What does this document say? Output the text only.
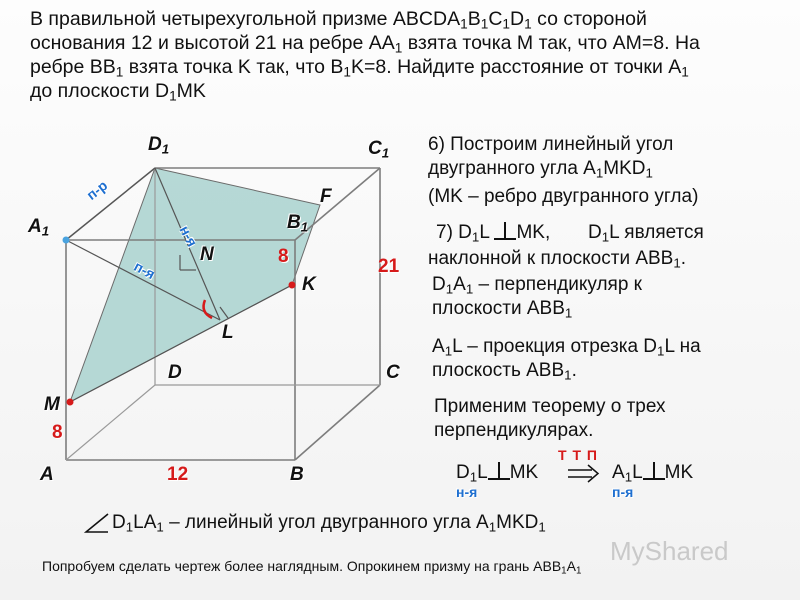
В правильной четырехугольной призме $ABCDA_1B_1C_1D_1$ со стороной
основания 12 и высотой 21 на ребре $AA_1$ взята точка M так, что AM=8. На
ребре $BB_1$ взята точка K так, что $B_1K=8$. Найдите расстояние от точки $A_1$
до плоскости $D_1MK$
$D_1$	$C_1$
$A_1$	$B_1$
F
N
K
L
D	C
M
A	B
21
8
8
12
п-р
н-я
п-я
6) Построим линейный угол
двугранного угла $A_1MKD_1$
(MK – ребро двугранного угла)
7) $D_1L$ MK, $D_1L$ является
наклонной к плоскости $ABB_1$.
$D_1A_1$ – перпендикуляр к
плоскости $ABB_1$
$A_1L$ – проекция отрезка $D_1L$ на
плоскость $ABB_1$.
Применим теорему о трех
перпендикулярах.
Т Т П
$D_1L$ MK	$A_1L$ MK
н-я	п-я
$D_1LA_1$ – линейный угол двугранного угла $A_1MKD_1$
MyShared
Попробуем сделать чертеж более наглядным. Опрокинем призму на грань $ABB_1A_1$
